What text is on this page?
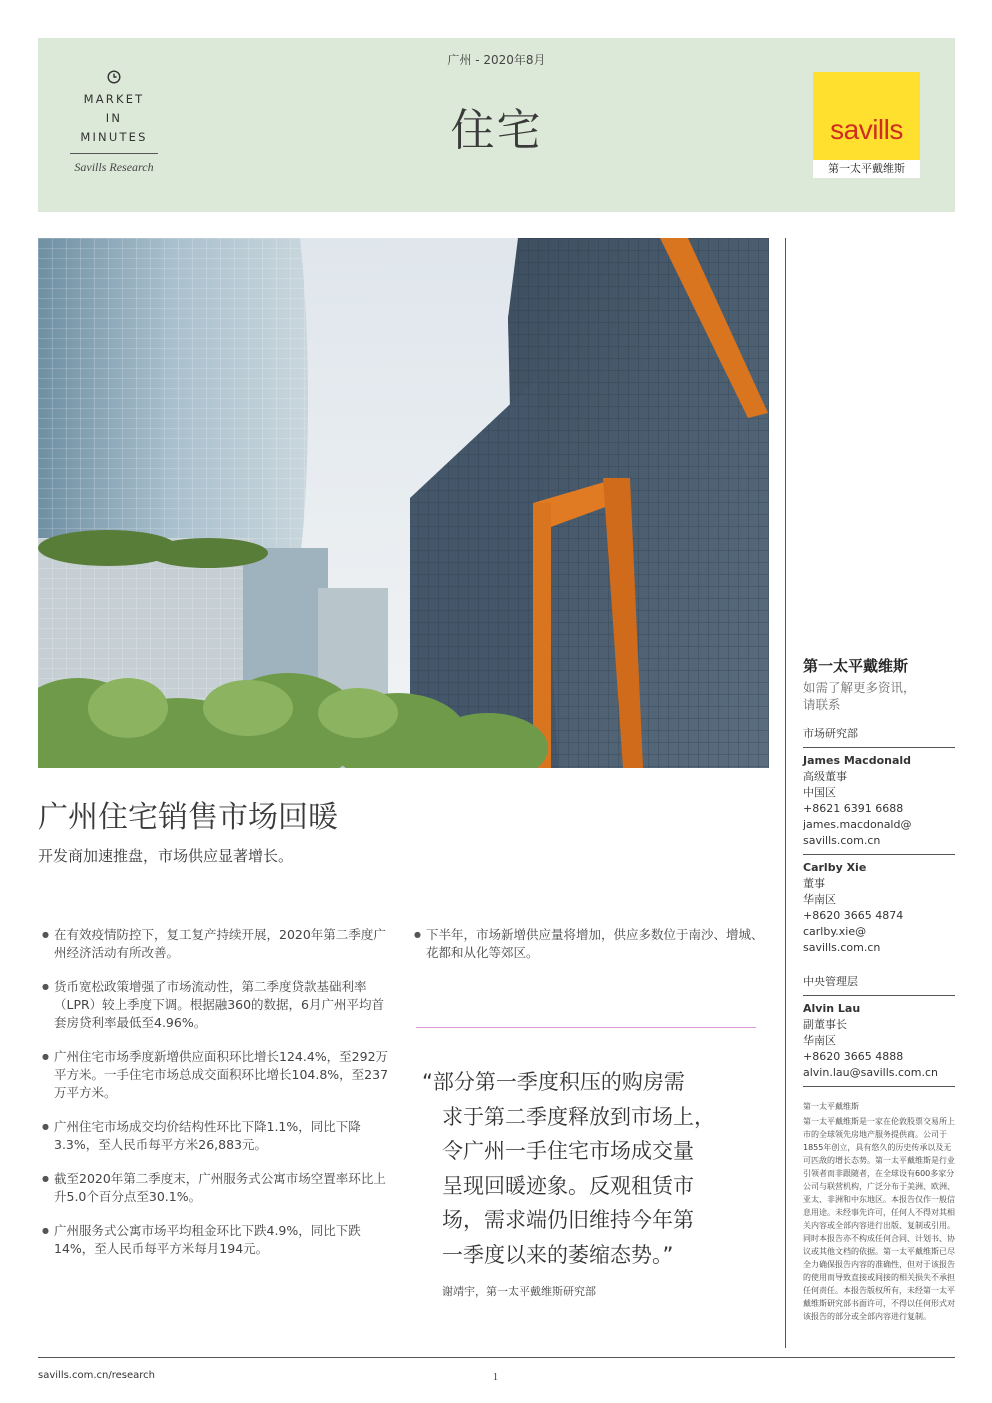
MARKET
IN
MINUTES
Savills Research
广州 - 2020年8月
住宅	savills
第一太平戴维斯
第一太平戴维斯
如需了解更多资讯，
请联系
市场研究部
James Macdonald
高级董事
中国区
+8621 6391 6688
james.macdonald@
savills.com.cn
Carlby Xie
董事
华南区
+8620 3665 4874
carlby.xie@
savills.com.cn
中央管理层
Alvin Lau
副董事长
华南区
+8620 3665 4888
alvin.lau@savills.com.cn
第一太平戴维斯
第一太平戴维斯是一家在伦敦股票交易所上市的全球领先房地产服务提供商。公司于1855年创立，具有悠久的历史传承以及无可匹敌的增长态势。第一太平戴维斯是行业引领者而非跟随者，在全球设有600多家分公司与联营机构，广泛分布于美洲、欧洲、亚太、非洲和中东地区。本报告仅作一般信息用途。未经事先许可，任何人不得对其相关内容或全部内容进行出版、复制或引用。同时本报告亦不构成任何合同、计划书、协议或其他文档的依据。第一太平戴维斯已尽全力确保报告内容的准确性，但对于该报告的使用而导致直接或间接的相关损失不承担任何责任。本报告版权所有，未经第一太平戴维斯研究部书面许可，不得以任何形式对该报告的部分或全部内容进行复制。
广州住宅销售市场回暖
开发商加速推盘，市场供应显著增长。
● 在有效疫情防控下，复工复产持续开展，2020年第二季度广州经济活动有所改善。
● 货币宽松政策增强了市场流动性，第二季度贷款基础利率（LPR）较上季度下调。根据融360的数据，6月广州平均首套房贷利率最低至4.96%。
● 广州住宅市场季度新增供应面积环比增长124.4%，至292万平方米。一手住宅市场总成交面积环比增长104.8%，至237万平方米。
● 广州住宅市场成交均价结构性环比下降1.1%，同比下降3.3%，至人民币每平方米26,883元。
● 截至2020年第二季度末，广州服务式公寓市场空置率环比上升5.0个百分点至30.1%。
● 广州服务式公寓市场平均租金环比下跌4.9%，同比下跌14%，至人民币每平方米每月194元。
● 下半年，市场新增供应量将增加，供应多数位于南沙、增城、花都和从化等郊区。
“部分第一季度积压的购房需
求于第二季度释放到市场上，
令广州一手住宅市场成交量
呈现回暖迹象。反观租赁市
场，需求端仍旧维持今年第
一季度以来的萎缩态势。”
谢靖宇，第一太平戴维斯研究部
savills.com.cn/research	1
